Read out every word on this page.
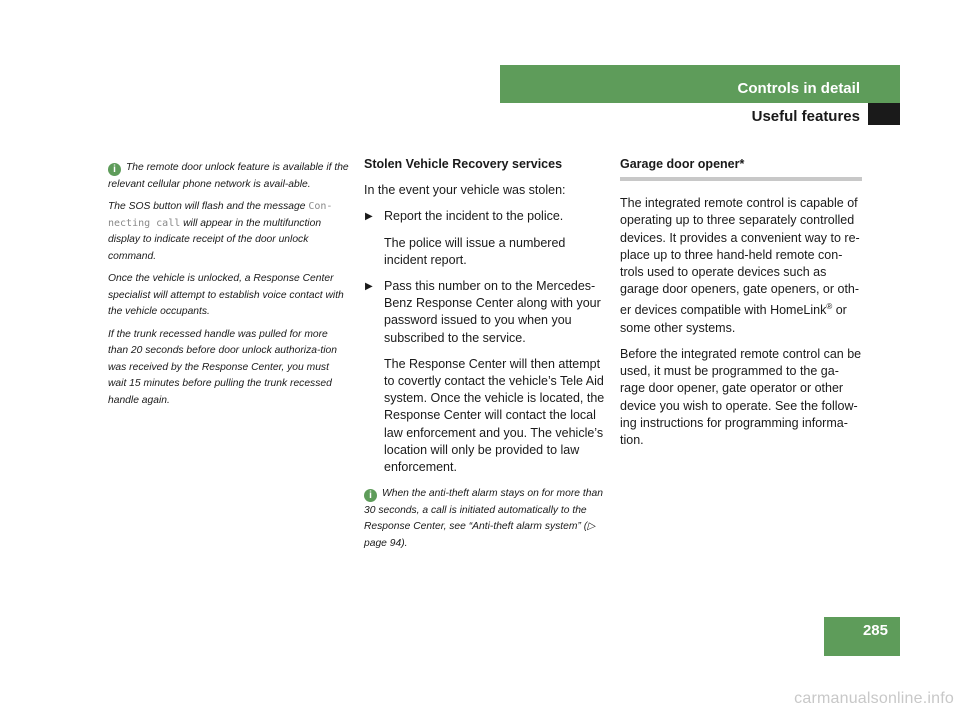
Controls in detail
Useful features

i The remote door unlock feature is available if the relevant cellular phone network is avail-able.

The SOS button will flash and the message Con-necting call will appear in the multifunction display to indicate receipt of the door unlock command.

Once the vehicle is unlocked, a Response Center specialist will attempt to establish voice contact with the vehicle occupants.

If the trunk recessed handle was pulled for more than 20 seconds before door unlock authoriza-tion was received by the Response Center, you must wait 15 minutes before pulling the trunk recessed handle again.

Stolen Vehicle Recovery services

In the event your vehicle was stolen:

▶ Report the incident to the police.
The police will issue a numbered incident report.
▶ Pass this number on to the Mercedes-Benz Response Center along with your password issued to you when you subscribed to the service.
The Response Center will then attempt to covertly contact the vehicle’s Tele Aid system. Once the vehicle is located, the Response Center will contact the local law enforcement and you. The vehicle’s location will only be provided to law enforcement.
i When the anti-theft alarm stays on for more than 30 seconds, a call is initiated automatically to the Response Center, see “Anti-theft alarm system” (▷ page 94).
Garage door opener*

The integrated remote control is capable of operating up to three separately controlled devices. It provides a convenient way to re-place up to three hand-held remote con-trols used to operate devices such as garage door openers, gate openers, or oth-er devices compatible with HomeLink® or some other systems.

Before the integrated remote control can be used, it must be programmed to the ga-rage door opener, gate operator or other device you wish to operate. See the follow-ing instructions for programming informa-tion.

285
carmanualsonline.info
